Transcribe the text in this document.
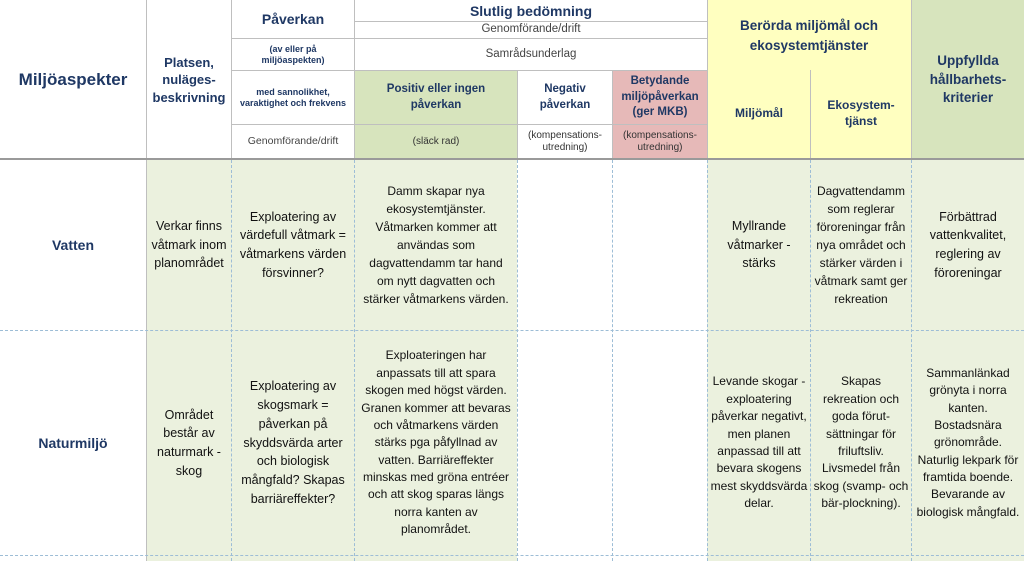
Miljöaspekter
Platsen, nuläges-beskrivning
Påverkan
(av eller på miljöaspekten)
med sannolikhet, varaktighet och frekvens
Genomförande/drift
Slutlig bedömning
Genomförande/drift
Samrådsunderlag
Positiv eller ingen påverkan
(släck rad)
Negativ påverkan
(kompensations-utredning)
Betydande miljöpåverkan (ger MKB)
(kompensations-utredning)
Berörda miljömål och ekosystemtjänster
Miljömål
Ekosystem-tjänst
Uppfyllda hållbarhets-kriterier
Vatten
Verkar finns våtmark inom planområdet
Exploatering av värdefull våtmark = våtmarkens värden försvinner?
Damm skapar nya ekosystemtjänster. Våtmarken kommer att användas som dagvattendamm tar hand om nytt dagvatten och stärker våtmarkens värden.
Myllrande våtmarker - stärks
Dagvattendamm som reglerar föroreningar från nya området och stärker värden i våtmark samt ger rekreation
Förbättrad vattenkvalitet, reglering av föroreningar
Naturmiljö
Området består av naturmark - skog
Exploatering av skogsmark = påverkan på skyddsvärda arter och biologisk mångfald? Skapas barriäreffekter?
Exploateringen har anpassats till att spara skogen med högst värden. Granen kommer att bevaras och våtmarkens värden stärks pga påfyllnad av vatten. Barriäreffekter minskas med gröna entréer och att skog sparas längs norra kanten av planområdet.
Levande skogar - exploatering påverkar negativt, men planen anpassad till att bevara skogens mest skyddsvärda delar.
Skapas rekreation och goda förut-sättningar för friluftsliv. Livsmedel från skog (svamp- och bär-plockning).
Sammanlänkad grönyta i norra kanten. Bostadsnära grönområde. Naturlig lekpark för framtida boende. Bevarande av biologisk mångfald.
